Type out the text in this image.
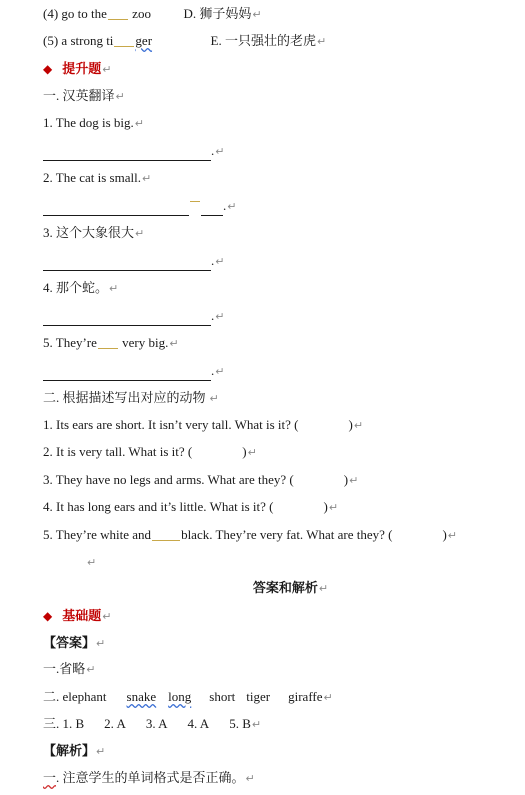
(4) go to the zoo	D. 狮子妈妈↵
(5) a strong ti ger	E. 一只强壮的老虎↵
◆ 提升题↵
一. 汉英翻译↵
1. The dog is big.↵
.↵
2. The cat is small.↵
.↵
3. 这个大象很大↵
.↵
4. 那个蛇。↵
.↵
5. They’re very big.↵
.↵
二. 根据描述写出对应的动物 ↵
1. Its ears are short. It isn’t very tall. What is it? (	)↵
2. It is very tall. What is it? (	)↵
3. They have no legs and arms. What are they? (	)↵
4. It has long ears and it’s little. What is it? (	)↵
5. They’re white and black. They’re very fat. What are they? (	)↵
↵
答案和解析↵
◆ 基础题↵
【答案】↵
一.省略↵
二. elephant snake long short tiger giraffe↵
三. 1. B 2. A 3. A 4. A 5. B↵
【解析】↵
一. 注意学生的单词格式是否正确。↵
